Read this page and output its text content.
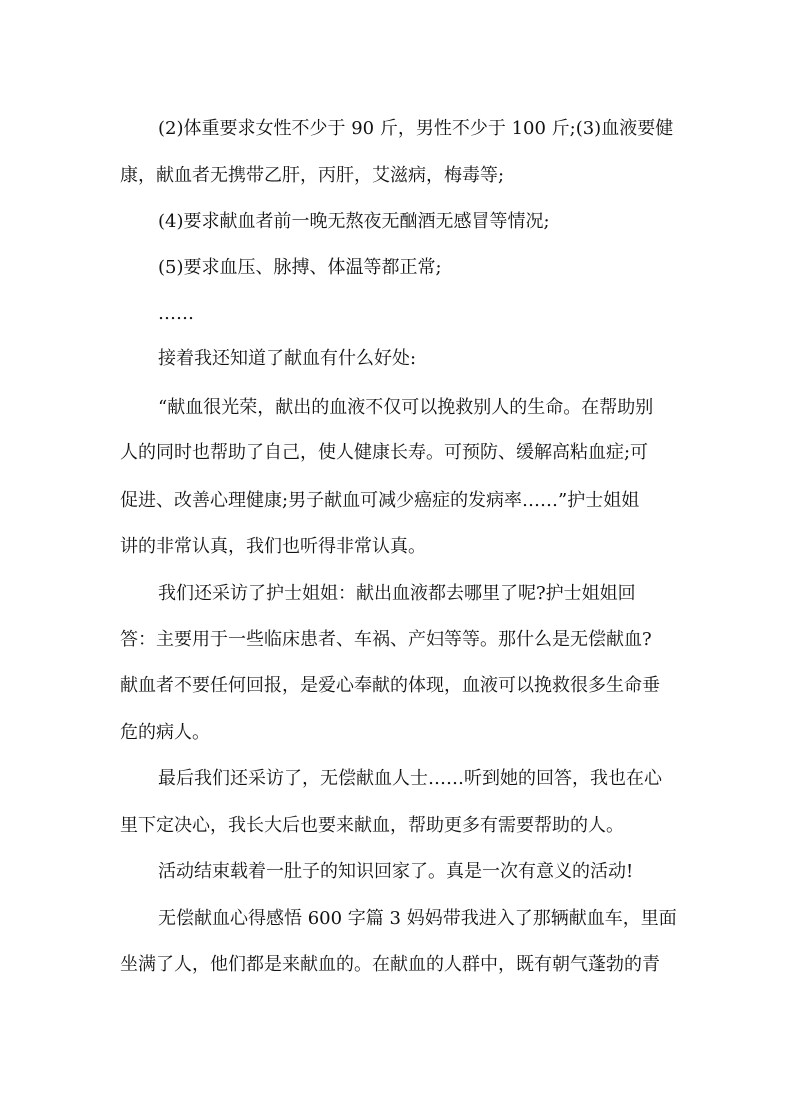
(2)体重要求女性不少于 90 斤，男性不少于 100 斤;(3)血液要健
康，献血者无携带乙肝，丙肝，艾滋病，梅毒等;
(4)要求献血者前一晚无熬夜无酗酒无感冒等情况;
(5)要求血压、脉搏、体温等都正常;
……
接着我还知道了献血有什么好处:
“献血很光荣，献出的血液不仅可以挽救别人的生命。在帮助别
人的同时也帮助了自己，使人健康长寿。可预防、缓解高粘血症;可
促进、改善心理健康;男子献血可减少癌症的发病率……”护士姐姐
讲的非常认真，我们也听得非常认真。
我们还采访了护士姐姐：献出血液都去哪里了呢?护士姐姐回
答：主要用于一些临床患者、车祸、产妇等等。那什么是无偿献血?
献血者不要任何回报，是爱心奉献的体现，血液可以挽救很多生命垂
危的病人。
最后我们还采访了，无偿献血人士……听到她的回答，我也在心
里下定决心，我长大后也要来献血，帮助更多有需要帮助的人。
活动结束载着一肚子的知识回家了。真是一次有意义的活动!
无偿献血心得感悟 600 字篇 3 妈妈带我进入了那辆献血车，里面
坐满了人，他们都是来献血的。在献血的人群中，既有朝气蓬勃的青
